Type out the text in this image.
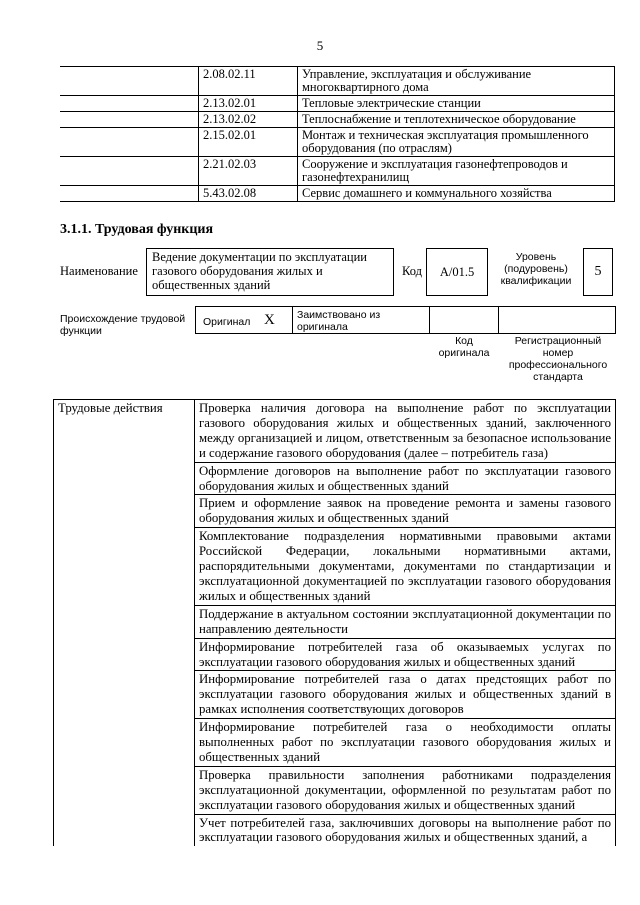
5
	2.08.02.11	Управление, эксплуатация и обслуживание многоквартирного дома
	2.13.02.01	Тепловые электрические станции
	2.13.02.02	Теплоснабжение и теплотехническое оборудование
	2.15.02.01	Монтаж и техническая эксплуатация промышленного оборудования (по отраслям)
	2.21.02.03	Сооружение и эксплуатация газонефтепроводов и газонефтехранилищ
	5.43.02.08	Сервис домашнего и коммунального хозяйства
3.1.1. Трудовая функция
Наименование
Ведение документации по эксплуатации газового оборудования жилых и общественных зданий
Код	A/01.5
Уровень (подуровень) квалификации
5
Происхождение трудовой функции
Оригинал X	Заимствовано из оригинала
Код оригинала
Регистрационный номер профессионального стандарта
Трудовые действия	Проверка наличия договора на выполнение работ по эксплуатации газового оборудования жилых и общественных зданий, заключенного между организацией и лицом, ответственным за безопасное использование и содержание газового оборудования (далее – потребитель газа)
Оформление договоров на выполнение работ по эксплуатации газового оборудования жилых и общественных зданий
Прием и оформление заявок на проведение ремонта и замены газового оборудования жилых и общественных зданий
Комплектование подразделения нормативными правовыми актами Российской Федерации, локальными нормативными актами, распорядительными документами, документами по стандартизации и эксплуатационной документацией по эксплуатации газового оборудования жилых и общественных зданий
Поддержание в актуальном состоянии эксплуатационной документации по направлению деятельности
Информирование потребителей газа об оказываемых услугах по эксплуатации газового оборудования жилых и общественных зданий
Информирование потребителей газа о датах предстоящих работ по эксплуатации газового оборудования жилых и общественных зданий в рамках исполнения соответствующих договоров
Информирование потребителей газа о необходимости оплаты выполненных работ по эксплуатации газового оборудования жилых и общественных зданий
Проверка правильности заполнения работниками подразделения эксплуатационной документации, оформленной по результатам работ по эксплуатации газового оборудования жилых и общественных зданий
Учет потребителей газа, заключивших договоры на выполнение работ по эксплуатации газового оборудования жилых и общественных зданий, а
